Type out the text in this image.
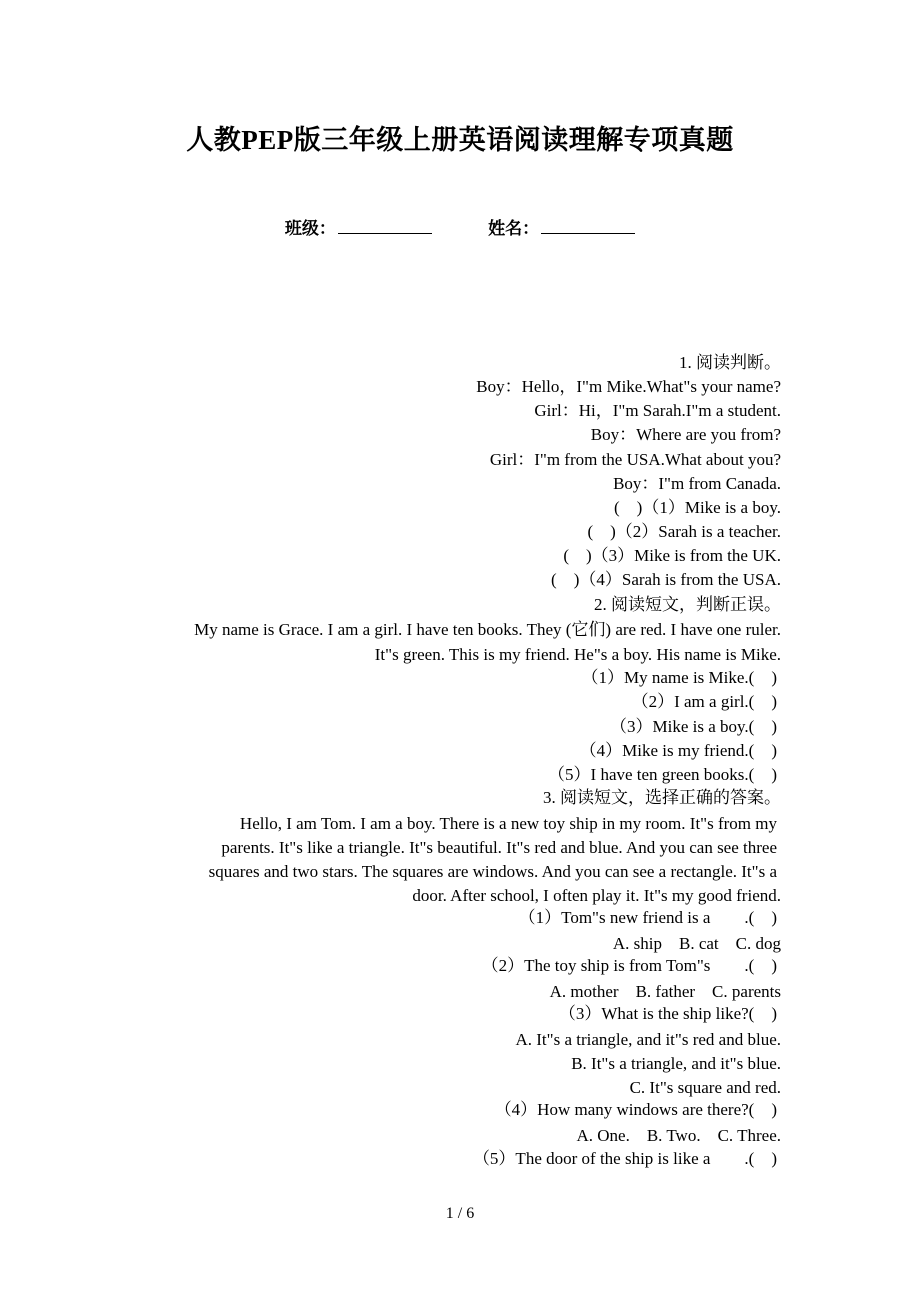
人教PEP版三年级上册英语阅读理解专项真题
班级：	姓名：
1. 阅读判断。
Boy：Hello，I"m Mike.What"s your name?
Girl：Hi，I"m Sarah.I"m a student.
Boy：Where are you from?
Girl：I"m from the USA.What about you?
Boy：I"m from Canada.
(　)（1）Mike is a boy.
(　)（2）Sarah is a teacher.
(　)（3）Mike is from the UK.
(　)（4）Sarah is from the USA.
2. 阅读短文，判断正误。
My name is Grace. I am a girl. I have ten books. They (它们) are red. I have one ruler.
It"s green. This is my friend. He"s a boy. His name is Mike.
（1）My name is Mike.(　)
（2）I am a girl.(　)
（3）Mike is a boy.(　)
（4）Mike is my friend.(　)
（5）I have ten green books.(　)
3. 阅读短文，选择正确的答案。
Hello, I am Tom. I am a boy. There is a new toy ship in my room. It"s from my
parents. It"s like a triangle. It"s beautiful. It"s red and blue. And you can see three
squares and two stars. The squares are windows. And you can see a rectangle. It"s a
door. After school, I often play it. It"s my good friend.
（1）Tom"s new friend is a　　.(　)
A. ship　B. cat　C. dog
（2）The toy ship is from Tom"s　　.(　)
A. mother　B. father　C. parents
（3）What is the ship like?(　)
A. It"s a triangle, and it"s red and blue.
B. It"s a triangle, and it"s blue.
C. It"s square and red.
（4）How many windows are there?(　)
A. One.　B. Two.　C. Three.
（5）The door of the ship is like a　　.(　)
1 / 6
